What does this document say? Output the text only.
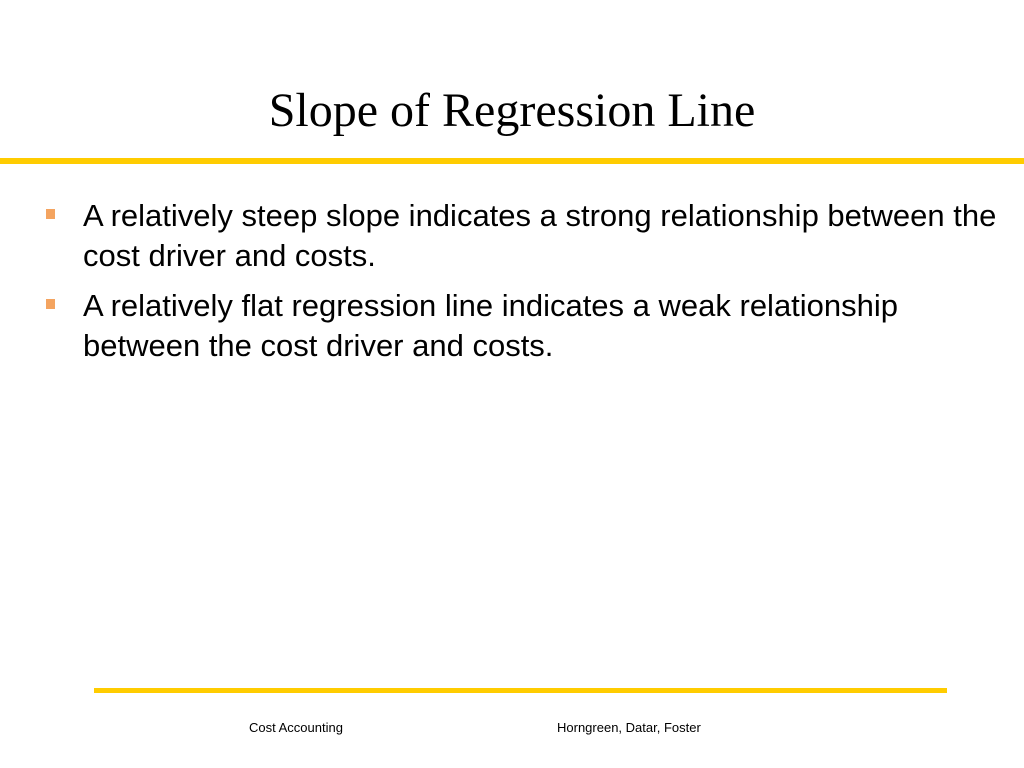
Slope of Regression Line
A relatively steep slope indicates a strong relationship between the cost driver and costs.
A relatively flat regression line indicates a weak relationship between the cost driver and costs.
Cost Accounting	Horngreen, Datar, Foster
